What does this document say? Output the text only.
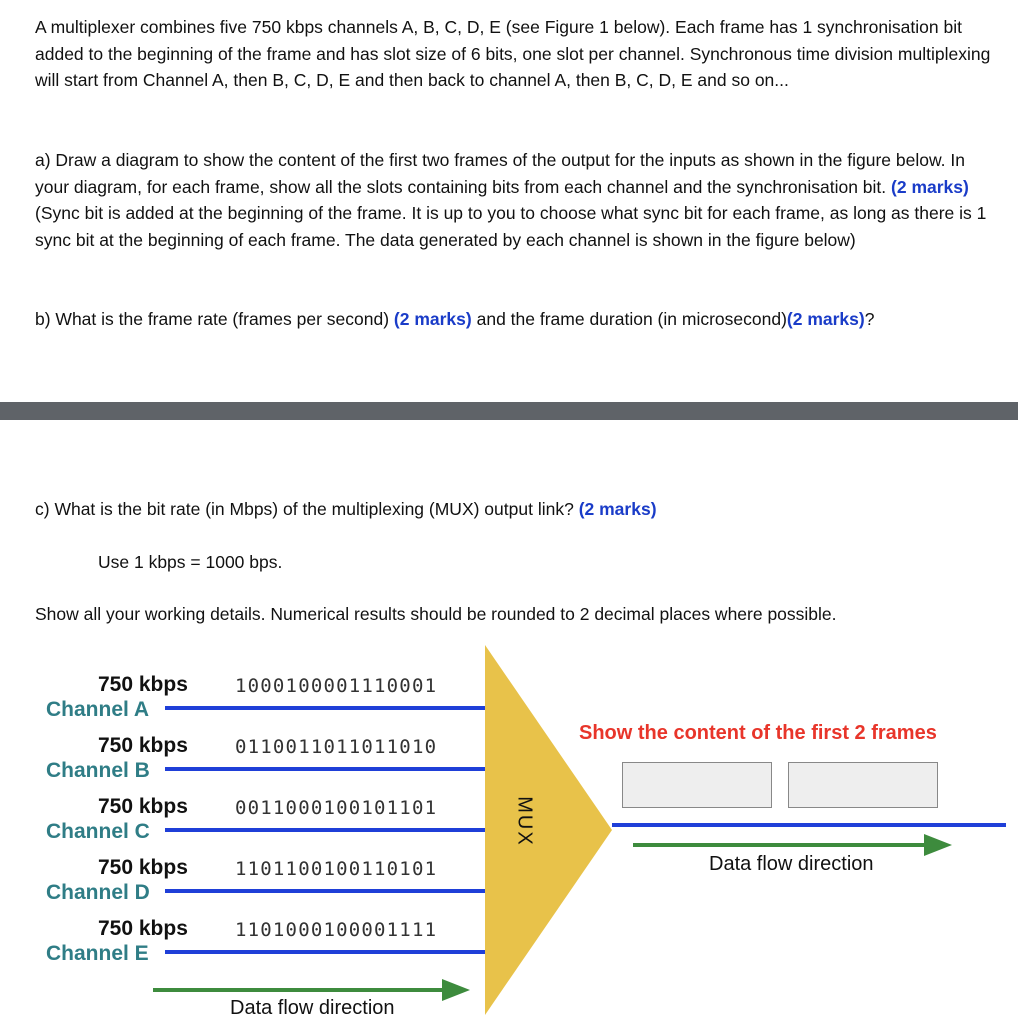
A multiplexer combines five 750 kbps channels A, B, C, D, E (see Figure 1 below). Each frame has 1 synchronisation bit added to the beginning of the frame and has slot size of 6 bits, one slot per channel. Synchronous time division multiplexing will start from Channel A, then B, C, D, E and then back to channel A, then B, C, D, E and so on...

a) Draw a diagram to show the content of the first two frames of the output for the inputs as shown in the figure below. In your diagram, for each frame, show all the slots containing bits from each channel and the synchronisation bit. (2 marks) (Sync bit is added at the beginning of the frame. It is up to you to choose what sync bit for each frame, as long as there is 1 sync bit at the beginning of each frame. The data generated by each channel is shown in the figure below)

b) What is the frame rate (frames per second) (2 marks) and the frame duration (in microsecond)(2 marks)?

c) What is the bit rate (in Mbps) of the multiplexing (MUX) output link? (2 marks)

Use 1 kbps = 1000 bps.

Show all your working details. Numerical results should be rounded to 2 decimal places where possible.

750 kbps 1000100001110001
Channel A
750 kbps 0110011011011010
Channel B
750 kbps 0011000100101101
Channel C
750 kbps 1101100100110101
Channel D
750 kbps 1101000100001111
Channel E
MUX
Show the content of the first 2 frames
Data flow direction
Data flow direction
